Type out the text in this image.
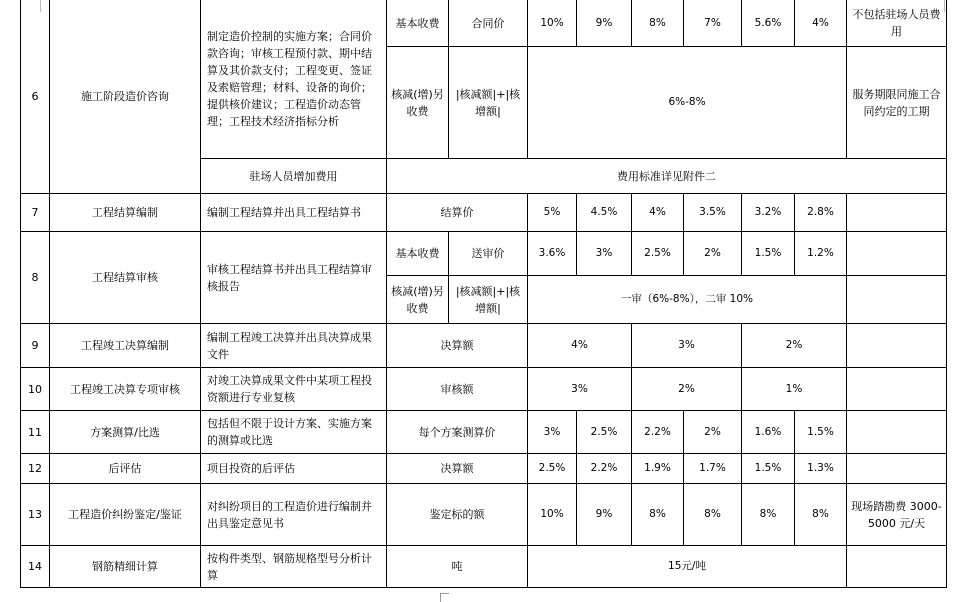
6	施工阶段造价咨询	制定造价控制的实施方案；合同价款咨询；审核工程预付款、期中结算及其价款支付；工程变更、签证及索赔管理；材料、设备的询价；提供核价建议；工程造价动态管理；工程技术经济指标分析	基本收费	合同价	10%	9%	8%	7%	5.6%	4%	不包括驻场人员费用
			核减(增)另收费	|核减额|+|核增额|	6%-8%						服务期限同施工合同约定的工期
		驻场人员增加费用	费用标准详见附件二								
7	工程结算编制	编制工程结算并出具工程结算书	结算价		5%	4.5%	4%	3.5%	3.2%	2.8%	
8	工程结算审核	审核工程结算书并出具工程结算审核报告	基本收费	送审价	3.6%	3%	2.5%	2%	1.5%	1.2%	
			核减(增)另收费	|核减额|+|核增额|	一审（6%-8%），二审 10%						
9	工程竣工决算编制	编制工程竣工决算并出具决算成果文件	决算额		4%		3%		2%		
10	工程竣工决算专项审核	对竣工决算成果文件中某项工程投资额进行专业复核	审核额		3%		2%		1%		
11	方案测算/比选	包括但不限于设计方案、实施方案的测算或比选	每个方案测算价		3%	2.5%	2.2%	2%	1.6%	1.5%	
12	后评估	项目投资的后评估	决算额		2.5%	2.2%	1.9%	1.7%	1.5%	1.3%	
13	工程造价纠纷鉴定/鉴证	对纠纷项目的工程造价进行编制并出具鉴定意见书	鉴定标的额		10%	9%	8%	8%	8%	8%	现场踏勘费 3000-5000 元/天
14	钢筋精细计算	按构件类型、钢筋规格型号分析计算	吨		15元/吨						
